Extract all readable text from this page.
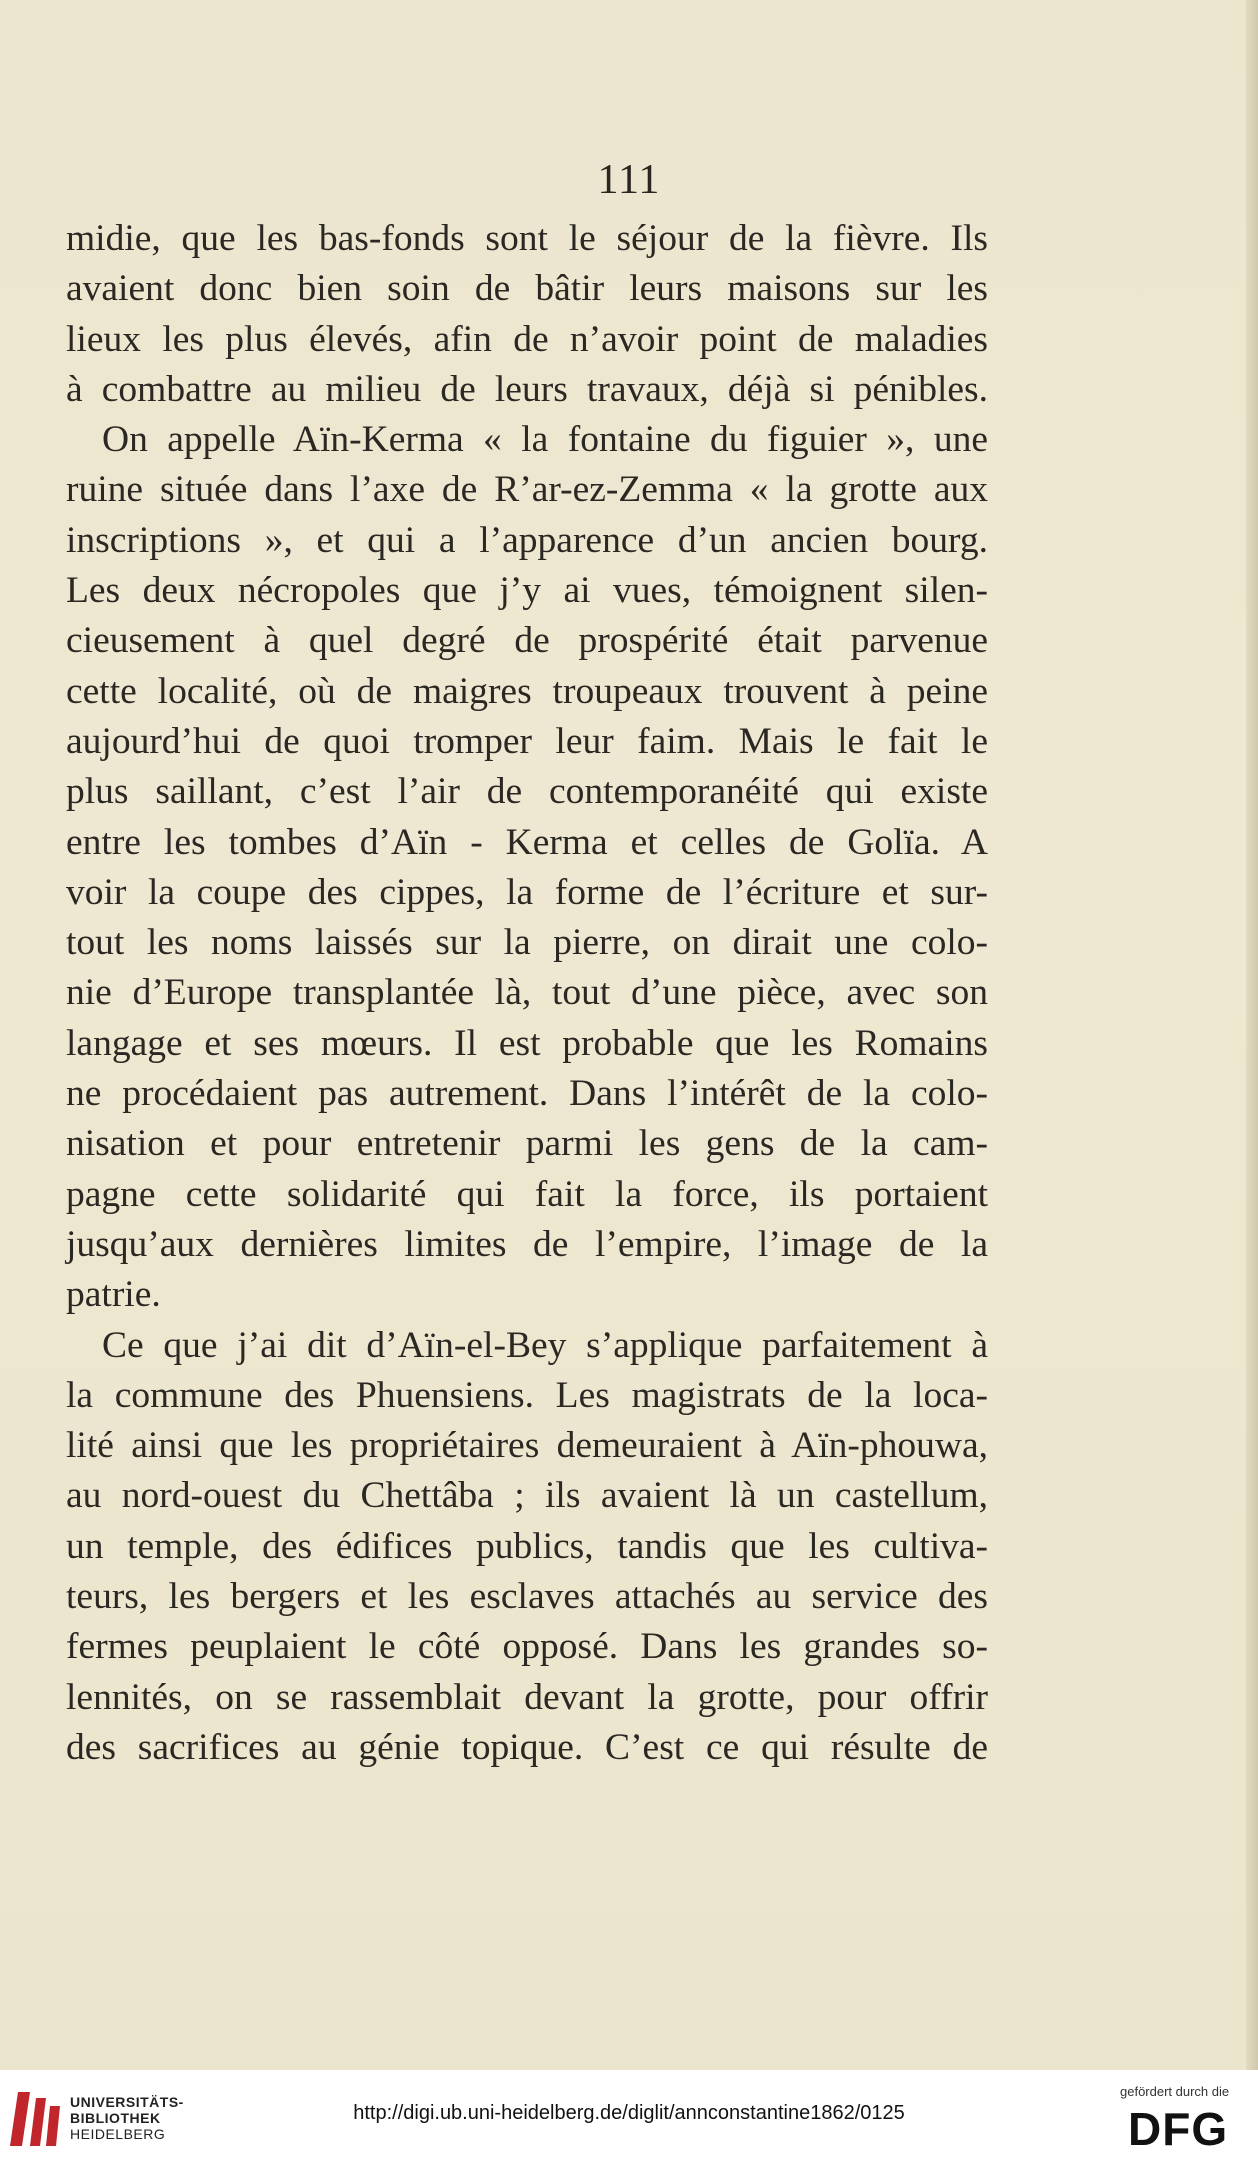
111
midie, que les bas-fonds sont le séjour de la fièvre. Ils
avaient donc bien soin de bâtir leurs maisons sur les
lieux les plus élevés, afin de n’avoir point de maladies
à combattre au milieu de leurs travaux, déjà si pénibles.
On appelle Aïn-Kerma « la fontaine du figuier », une
ruine située dans l’axe de R’ar-ez-Zemma « la grotte aux
inscriptions », et qui a l’apparence d’un ancien bourg.
Les deux nécropoles que j’y ai vues, témoignent silen-
cieusement à quel degré de prospérité était parvenue
cette localité, où de maigres troupeaux trouvent à peine
aujourd’hui de quoi tromper leur faim. Mais le fait le
plus saillant, c’est l’air de contemporanéité qui existe
entre les tombes d’Aïn - Kerma et celles de Golïa. A
voir la coupe des cippes, la forme de l’écriture et sur-
tout les noms laissés sur la pierre, on dirait une colo-
nie d’Europe transplantée là, tout d’une pièce, avec son
langage et ses mœurs. Il est probable que les Romains
ne procédaient pas autrement. Dans l’intérêt de la colo-
nisation et pour entretenir parmi les gens de la cam-
pagne cette solidarité qui fait la force, ils portaient
jusqu’aux dernières limites de l’empire, l’image de la
patrie.
Ce que j’ai dit d’Aïn-el-Bey s’applique parfaitement à
la commune des Phuensiens. Les magistrats de la loca-
lité ainsi que les propriétaires demeuraient à Aïn-phouwa,
au nord-ouest du Chettâba ; ils avaient là un castellum,
un temple, des édifices publics, tandis que les cultiva-
teurs, les bergers et les esclaves attachés au service des
fermes peuplaient le côté opposé. Dans les grandes so-
lennités, on se rassemblait devant la grotte, pour offrir
des sacrifices au génie topique. C’est ce qui résulte de
UNIVERSITÄTS-
BIBLIOTHEK
HEIDELBERG
http://digi.ub.uni-heidelberg.de/diglit/annconstantine1862/0125
gefördert durch die
DFG
